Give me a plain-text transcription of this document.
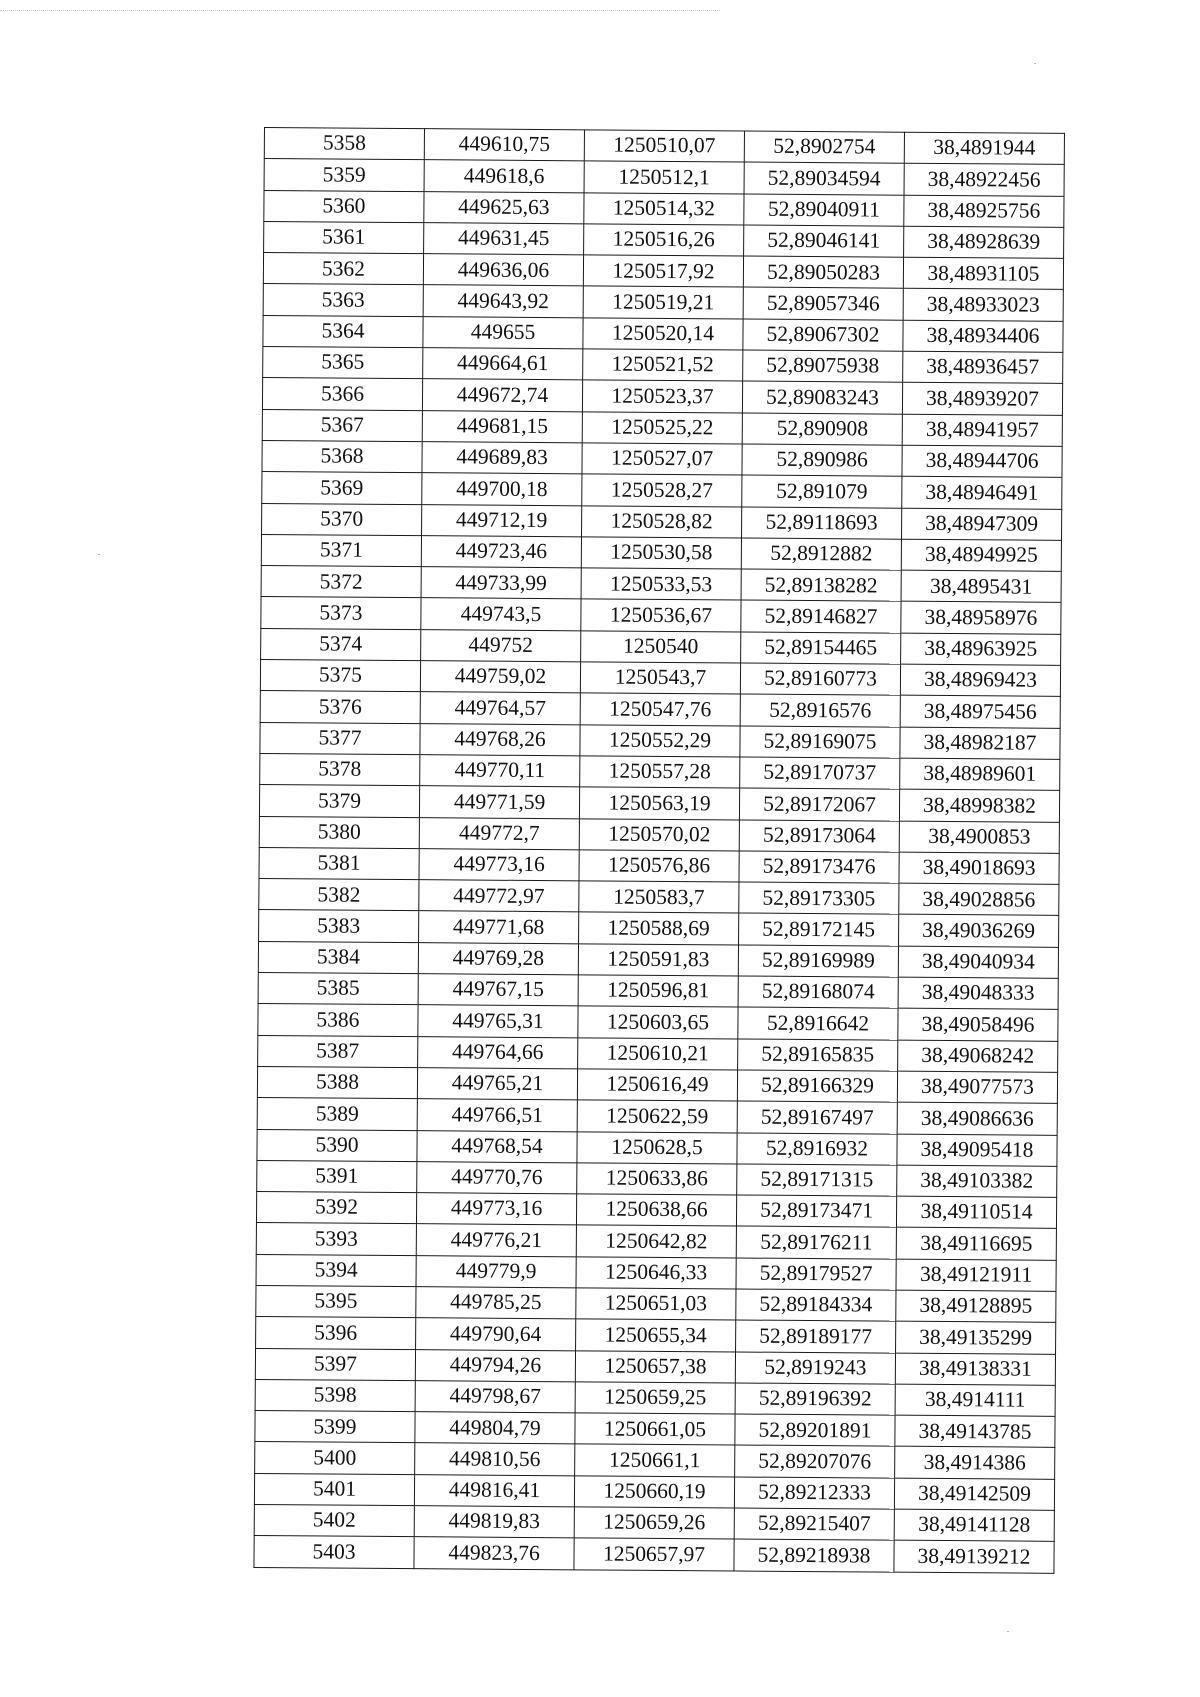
5358	449610,75	1250510,07	52,8902754	38,4891944
5359	449618,6	1250512,1	52,89034594	38,48922456
5360	449625,63	1250514,32	52,89040911	38,48925756
5361	449631,45	1250516,26	52,89046141	38,48928639
5362	449636,06	1250517,92	52,89050283	38,48931105
5363	449643,92	1250519,21	52,89057346	38,48933023
5364	449655	1250520,14	52,89067302	38,48934406
5365	449664,61	1250521,52	52,89075938	38,48936457
5366	449672,74	1250523,37	52,89083243	38,48939207
5367	449681,15	1250525,22	52,890908	38,48941957
5368	449689,83	1250527,07	52,890986	38,48944706
5369	449700,18	1250528,27	52,891079	38,48946491
5370	449712,19	1250528,82	52,89118693	38,48947309
5371	449723,46	1250530,58	52,8912882	38,48949925
5372	449733,99	1250533,53	52,89138282	38,4895431
5373	449743,5	1250536,67	52,89146827	38,48958976
5374	449752	1250540	52,89154465	38,48963925
5375	449759,02	1250543,7	52,89160773	38,48969423
5376	449764,57	1250547,76	52,8916576	38,48975456
5377	449768,26	1250552,29	52,89169075	38,48982187
5378	449770,11	1250557,28	52,89170737	38,48989601
5379	449771,59	1250563,19	52,89172067	38,48998382
5380	449772,7	1250570,02	52,89173064	38,4900853
5381	449773,16	1250576,86	52,89173476	38,49018693
5382	449772,97	1250583,7	52,89173305	38,49028856
5383	449771,68	1250588,69	52,89172145	38,49036269
5384	449769,28	1250591,83	52,89169989	38,49040934
5385	449767,15	1250596,81	52,89168074	38,49048333
5386	449765,31	1250603,65	52,8916642	38,49058496
5387	449764,66	1250610,21	52,89165835	38,49068242
5388	449765,21	1250616,49	52,89166329	38,49077573
5389	449766,51	1250622,59	52,89167497	38,49086636
5390	449768,54	1250628,5	52,8916932	38,49095418
5391	449770,76	1250633,86	52,89171315	38,49103382
5392	449773,16	1250638,66	52,89173471	38,49110514
5393	449776,21	1250642,82	52,89176211	38,49116695
5394	449779,9	1250646,33	52,89179527	38,49121911
5395	449785,25	1250651,03	52,89184334	38,49128895
5396	449790,64	1250655,34	52,89189177	38,49135299
5397	449794,26	1250657,38	52,8919243	38,49138331
5398	449798,67	1250659,25	52,89196392	38,4914111
5399	449804,79	1250661,05	52,89201891	38,49143785
5400	449810,56	1250661,1	52,89207076	38,4914386
5401	449816,41	1250660,19	52,89212333	38,49142509
5402	449819,83	1250659,26	52,89215407	38,49141128
5403	449823,76	1250657,97	52,89218938	38,49139212
